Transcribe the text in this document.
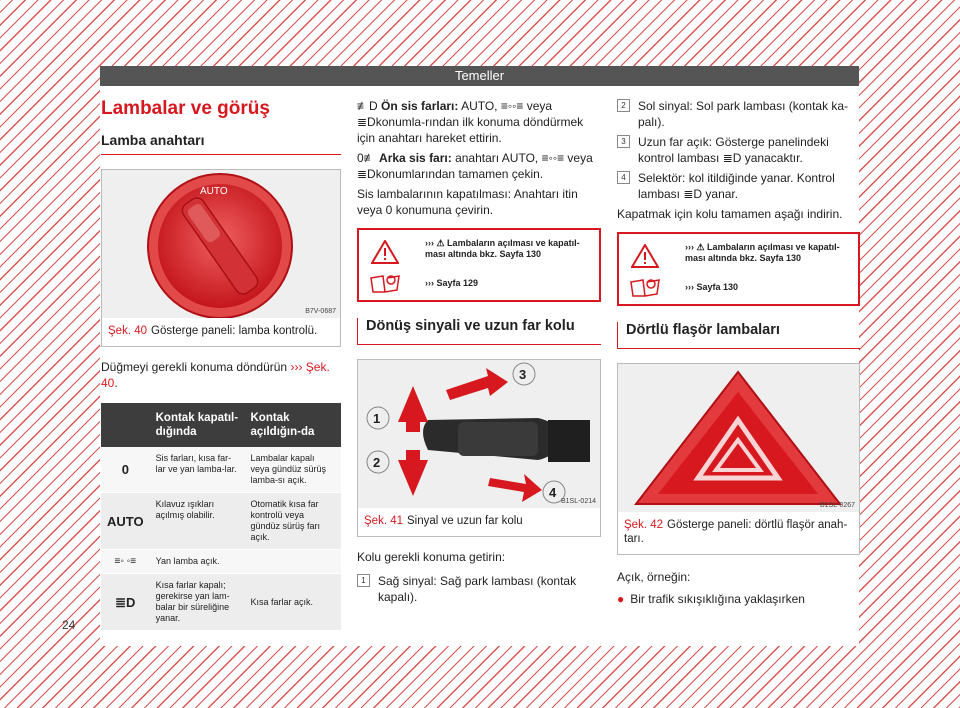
Temeller
24
Lambalar ve görüş
Lamba anahtarı
AUTO
B7V-0687
Şek. 40 Gösterge paneli: lamba kontrolü.

Düğmeyi gerekli konuma döndürün ››› Şek. 40.

	Kontak kapatıl-dığında	Kontak açıldığın-da
0	Sis farları, kısa far-lar ve yan lamba-lar.	Lambalar kapalı veya gündüz sürüş lamba-sı açık.
AUTO	Kılavuz ışıkları açılmış olabilir.	Otomatik kısa far kontrolü veya gündüz sürüş farı açık.
≡◦ ◦≡	Yan lamba açık.	
≣D	Kısa farlar kapalı; gerekirse yan lam-balar bir süreliğine yanar.	Kısa farlar açık.

≢D Ön sis farları: AUTO, ≡◦◦≡ veya ≣Dkonumla-rından ilk konuma döndürmek için anahtarı hareket ettirin.

0≢ Arka sis farı: anahtarı AUTO, ≡◦◦≡ veya ≣Dkonumlarından tamamen çekin.

Sis lambalarının kapatılması: Anahtarı itin veya 0 konumuna çevirin.

››› ⚠ Lambaların açılması ve kapatıl-ması altında bkz. Sayfa 130
››› Sayfa 129
Dönüş sinyali ve uzun far kolu
1
2
3
4
B1SL-0214
Şek. 41 Sinyal ve uzun far kolu

Kolu gerekli konuma getirin:

1	Sağ sinyal: Sağ park lambası (kontak kapalı).
2	Sol sinyal: Sol park lambası (kontak ka-palı).
3	Uzun far açık: Gösterge panelindeki kontrol lambası ≣D yanacaktır.
4	Selektör: kol itildiğinde yanar. Kontrol lambası ≣D yanar.

Kapatmak için kolu tamamen aşağı indirin.

››› ⚠ Lambaların açılması ve kapatıl-ması altında bkz. Sayfa 130
››› Sayfa 130
Dörtlü flaşör lambaları
B1SL-0267
Şek. 42 Gösterge paneli: dörtlü flaşör anah-tarı.

Açık, örneğin:

● Bir trafik sıkışıklığına yaklaşırken
